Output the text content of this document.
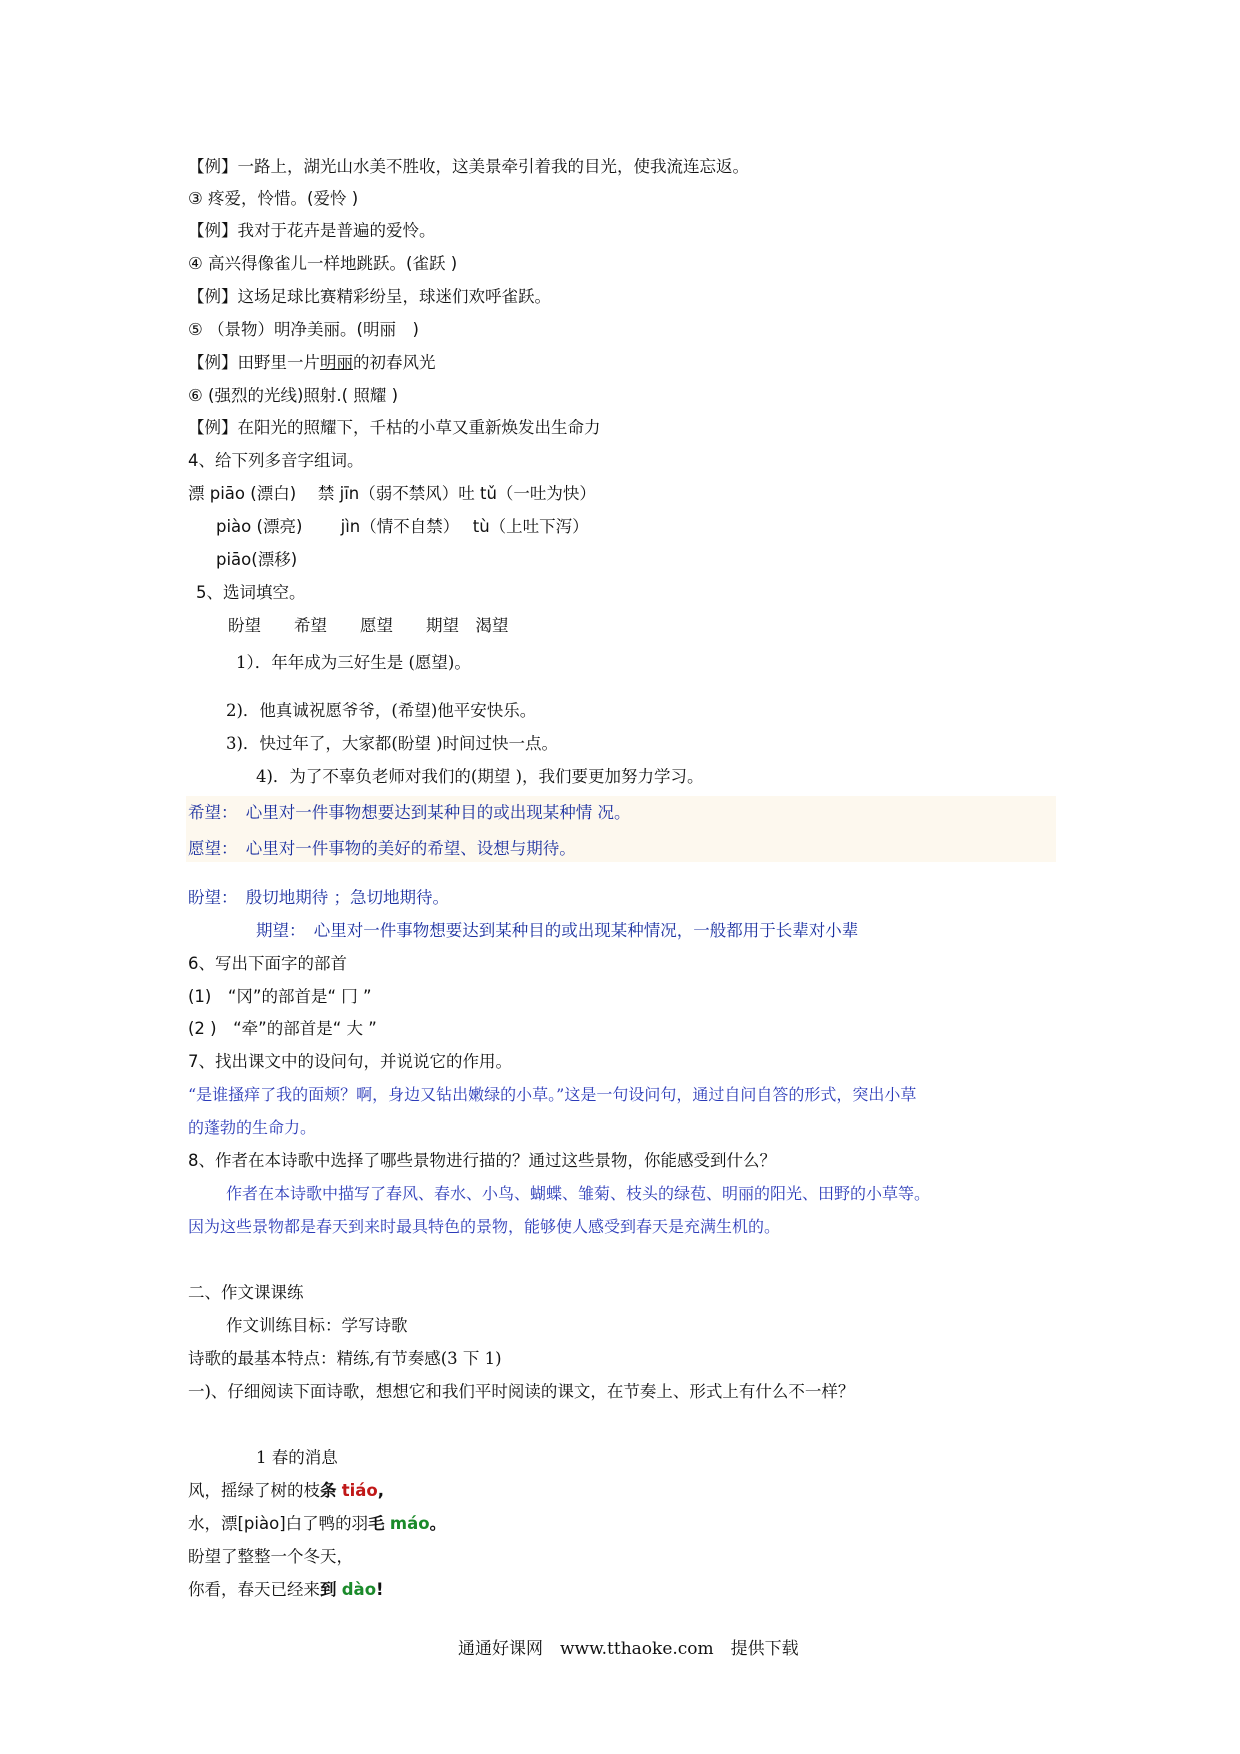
【例】一路上，湖光山水美不胜收，这美景牵引着我的目光，使我流连忘返。
③ 疼爱，怜惜。(爱怜 )
【例】我对于花卉是普遍的爱怜。
④ 高兴得像雀儿一样地跳跃。(雀跃 )
【例】这场足球比赛精彩纷呈，球迷们欢呼雀跃。
⑤ （景物）明净美丽。(明丽　)
【例】田野里一片明丽的初春风光
⑥ (强烈的光线)照射.( 照耀 )
【例】在阳光的照耀下，千枯的小草又重新焕发出生命力
4、给下列多音字组词。
漂 piāo (漂白)　 禁 jīn（弱不禁风）吐 tǔ（一吐为快）
piào (漂亮)　　 jìn（情不自禁）　 tù（上吐下泻）
piāo(漂移)
5、选词填空。
盼望　　希望　　愿望　　期望　渴望
1）．年年成为三好生是 (愿望)。
2)．他真诚祝愿爷爷，(希望)他平安快乐。
3)．快过年了，大家都(盼望 )时间过快一点。
4)．为了不辜负老师对我们的(期望 )，我们要更加努力学习。
希望：　心里对一件事物想要达到某种目的或出现某种情 况。
愿望：　心里对一件事物的美好的希望、设想与期待。
盼望：　殷切地期待 ；急切地期待。
期望：　心里对一件事物想要达到某种目的或出现某种情况，一般都用于长辈对小辈
6、写出下面字的部首
(1)　“冈”的部首是“ 冂 ”
(2 )　“牵”的部首是“ 大 ”
7、找出课文中的设问句，并说说它的作用。
“是谁搔痒了我的面颊？啊，身边又钻出嫩绿的小草。”这是一句设问句，通过自问自答的形式，突出小草
的蓬勃的生命力。
8、作者在本诗歌中选择了哪些景物进行描的？通过这些景物，你能感受到什么？
作者在本诗歌中描写了春风、春水、小鸟、蝴蝶、雏菊、枝头的绿苞、明丽的阳光、田野的小草等。
因为这些景物都是春天到来时最具特色的景物，能够使人感受到春天是充满生机的。
二、作文课课练
作文训练目标：学写诗歌
诗歌的最基本特点：精练,有节奏感(3 下 1)
一)、仔细阅读下面诗歌，想想它和我们平时阅读的课文，在节奏上、形式上有什么不一样？
1 春的消息
风，摇绿了树的枝条 tiáo,
水，漂[piào]白了鸭的羽毛 máo。
盼望了整整一个冬天，
你看，春天已经来到 dào!
通通好课网　www.tthaoke.com　提供下载
